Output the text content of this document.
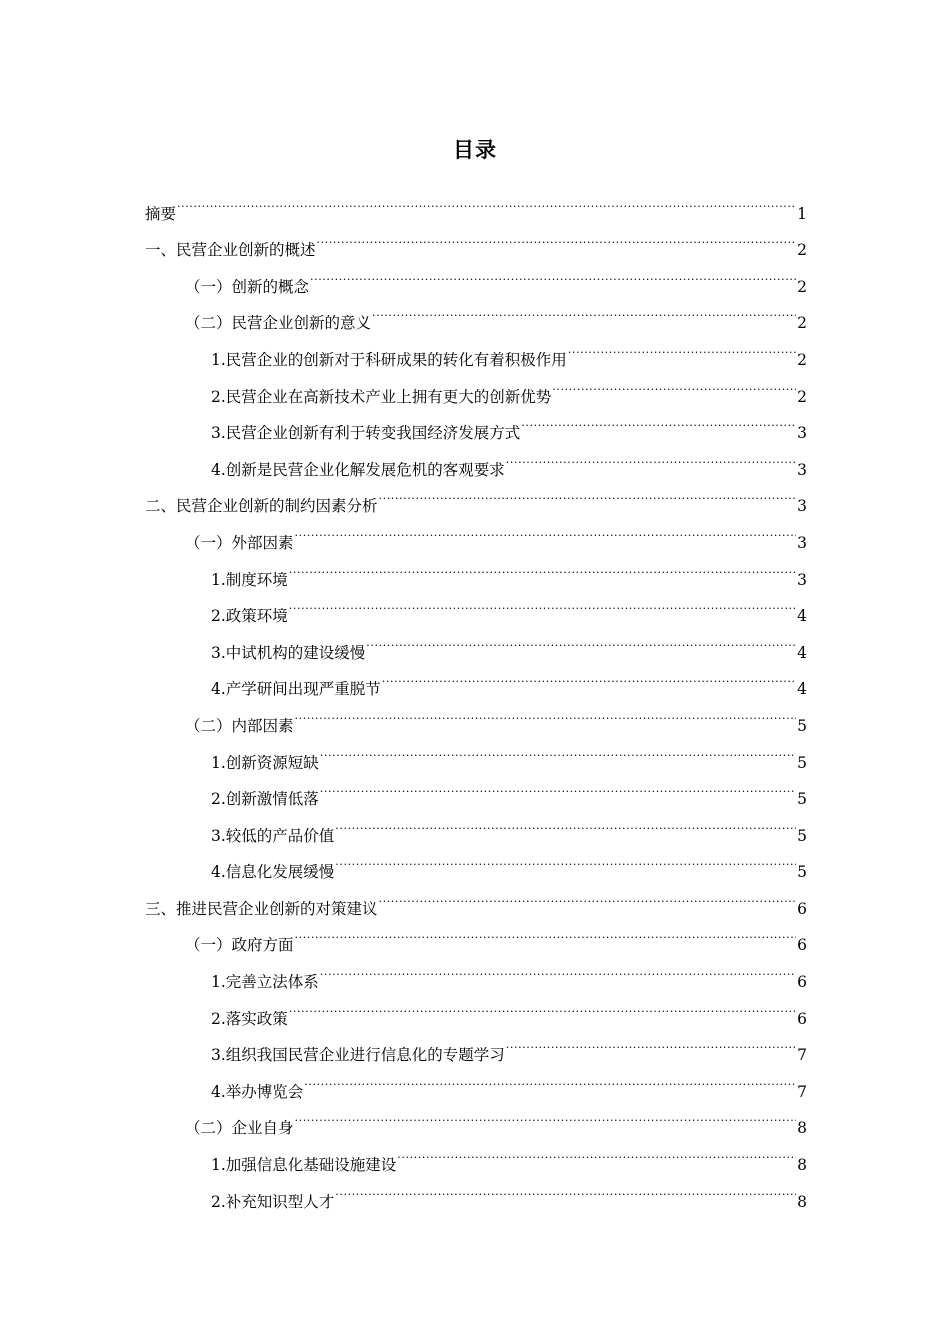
目录
摘要 .....	1
一、民营企业创新的概述 .....	2
（一）创新的概念 .....	2
（二）民营企业创新的意义 .....	2
1.民营企业的创新对于科研成果的转化有着积极作用 .....	2
2.民营企业在高新技术产业上拥有更大的创新优势 .....	2
3.民营企业创新有利于转变我国经济发展方式 .....	3
4.创新是民营企业化解发展危机的客观要求 .....	3
二、民营企业创新的制约因素分析 .....	3
（一）外部因素 .....	3
1.制度环境 .....	3
2.政策环境 .....	4
3.中试机构的建设缓慢 .....	4
4.产学研间出现严重脱节 .....	4
（二）内部因素 .....	5
1.创新资源短缺 .....	5
2.创新激情低落 .....	5
3.较低的产品价值 .....	5
4.信息化发展缓慢 .....	5
三、推进民营企业创新的对策建议 .....	6
（一）政府方面 .....	6
1.完善立法体系 .....	6
2.落实政策 .....	6
3.组织我国民营企业进行信息化的专题学习 .....	7
4.举办博览会 .....	7
（二）企业自身 .....	8
1.加强信息化基础设施建设 .....	8
2.补充知识型人才 .....	8
